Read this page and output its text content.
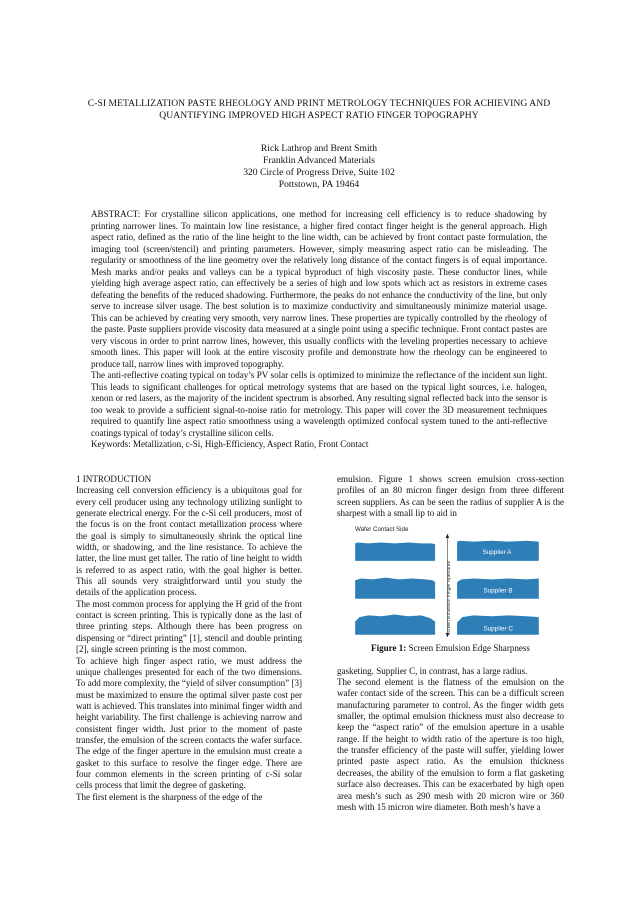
C-SI METALLIZATION PASTE RHEOLOGY AND PRINT METROLOGY TECHNIQUES FOR ACHIEVING AND
QUANTIFYING IMPROVED HIGH ASPECT RATIO FINGER TOPOGRAPHY
Rick Lathrop and Brent Smith
Franklin Advanced Materials
320 Circle of Progress Drive, Suite 102
Pottstown, PA 19464

ABSTRACT: For crystalline silicon applications, one method for increasing cell efficiency is to reduce shadowing by printing narrower lines. To maintain low line resistance, a higher fired contact finger height is the general approach. High aspect ratio, defined as the ratio of the line height to the line width, can be achieved by front contact paste formulation, the imaging tool (screen/stencil) and printing parameters. However, simply measuring aspect ratio can be misleading. The regularity or smoothness of the line geometry over the relatively long distance of the contact fingers is of equal importance. Mesh marks and/or peaks and valleys can be a typical byproduct of high viscosity paste. These conductor lines, while yielding high average aspect ratio, can effectively be a series of high and low spots which act as resistors in extreme cases defeating the benefits of the reduced shadowing. Furthermore, the peaks do not enhance the conductivity of the line, but only serve to increase silver usage. The best solution is to maximize conductivity and simultaneously minimize material usage. This can be achieved by creating very smooth, very narrow lines. These properties are typically controlled by the rheology of the paste. Paste suppliers provide viscosity data measured at a single point using a specific technique. Front contact pastes are very viscous in order to print narrow lines, however, this usually conflicts with the leveling properties necessary to achieve smooth lines. This paper will look at the entire viscosity profile and demonstrate how the rheology can be engineered to produce tall, narrow lines with improved topography.

The anti-reflective coating typical on today’s PV solar cells is optimized to minimize the reflectance of the incident sun light. This leads to significant challenges for optical metrology systems that are based on the typical light sources, i.e. halogen, xenon or red lasers, as the majority of the incident spectrum is absorbed. Any resulting signal reflected back into the sensor is too weak to provide a sufficient signal-to-noise ratio for metrology. This paper will cover the 3D measurement techniques required to quantify line aspect ratio smoothness using a wavelength optimized confocal system tuned to the anti-reflective coatings typical of today’s crystalline silicon cells.

Keywords: Metallization, c-Si, High-Efficiency, Aspect Ratio, Front Contact

1 INTRODUCTION

Increasing cell conversion efficiency is a ubiquitous goal for every cell producer using any technology utilizing sunlight to generate electrical energy. For the c-Si cell producers, most of the focus is on the front contact metallization process where the goal is simply to simultaneously shrink the optical line width, or shadowing, and the line resistance. To achieve the latter, the line must get taller. The ratio of line height to width is referred to as aspect ratio, with the goal higher is better. This all sounds very straightforward until you study the details of the application process.

The most common process for applying the H grid of the front contact is screen printing. This is typically done as the last of three printing steps. Although there has been progress on dispensing or “direct printing” [1], stencil and double printing [2], single screen printing is the most common.

To achieve high finger aspect ratio, we must address the unique challenges presented for each of the two dimensions. To add more complexity, the “yield of silver consumption” [3] must be maximized to ensure the optimal silver paste cost per watt is achieved. This translates into minimal finger width and height variability. The first challenge is achieving narrow and consistent finger width. Just prior to the moment of paste transfer, the emulsion of the screen contacts the wafer surface. The edge of the finger aperture in the emulsion must create a gasket to this surface to resolve the finger edge. There are four common elements in the screen printing of c-Si solar cells process that limit the degree of gasketing.

The first element is the sharpness of the edge of the

emulsion. Figure 1 shows screen emulsion cross-section profiles of an 80 micron finger design from three different screen suppliers. As can be seen the radius of supplier A is the sharpest with a small lip to aid in

Screen Emulsion Finger Apertures
Supplier A
Supplier B
Supplier C
Wafer Contact Side
Figure 1: Screen Emulsion Edge Sharpness

gasketing. Supplier C, in contrast, has a large radius.

The second element is the flatness of the emulsion on the wafer contact side of the screen. This can be a difficult screen manufacturing parameter to control. As the finger width gets smaller, the optimal emulsion thickness must also decrease to keep the “aspect ratio” of the emulsion aperture in a usable range. If the height to width ratio of the aperture is too high, the transfer efficiency of the paste will suffer, yielding lower printed paste aspect ratio. As the emulsion thickness decreases, the ability of the emulsion to form a flat gasketing surface also decreases. This can be exacerbated by high open area mesh’s such as 290 mesh with 20 micron wire or 360 mesh with 15 micron wire diameter. Both mesh’s have a
